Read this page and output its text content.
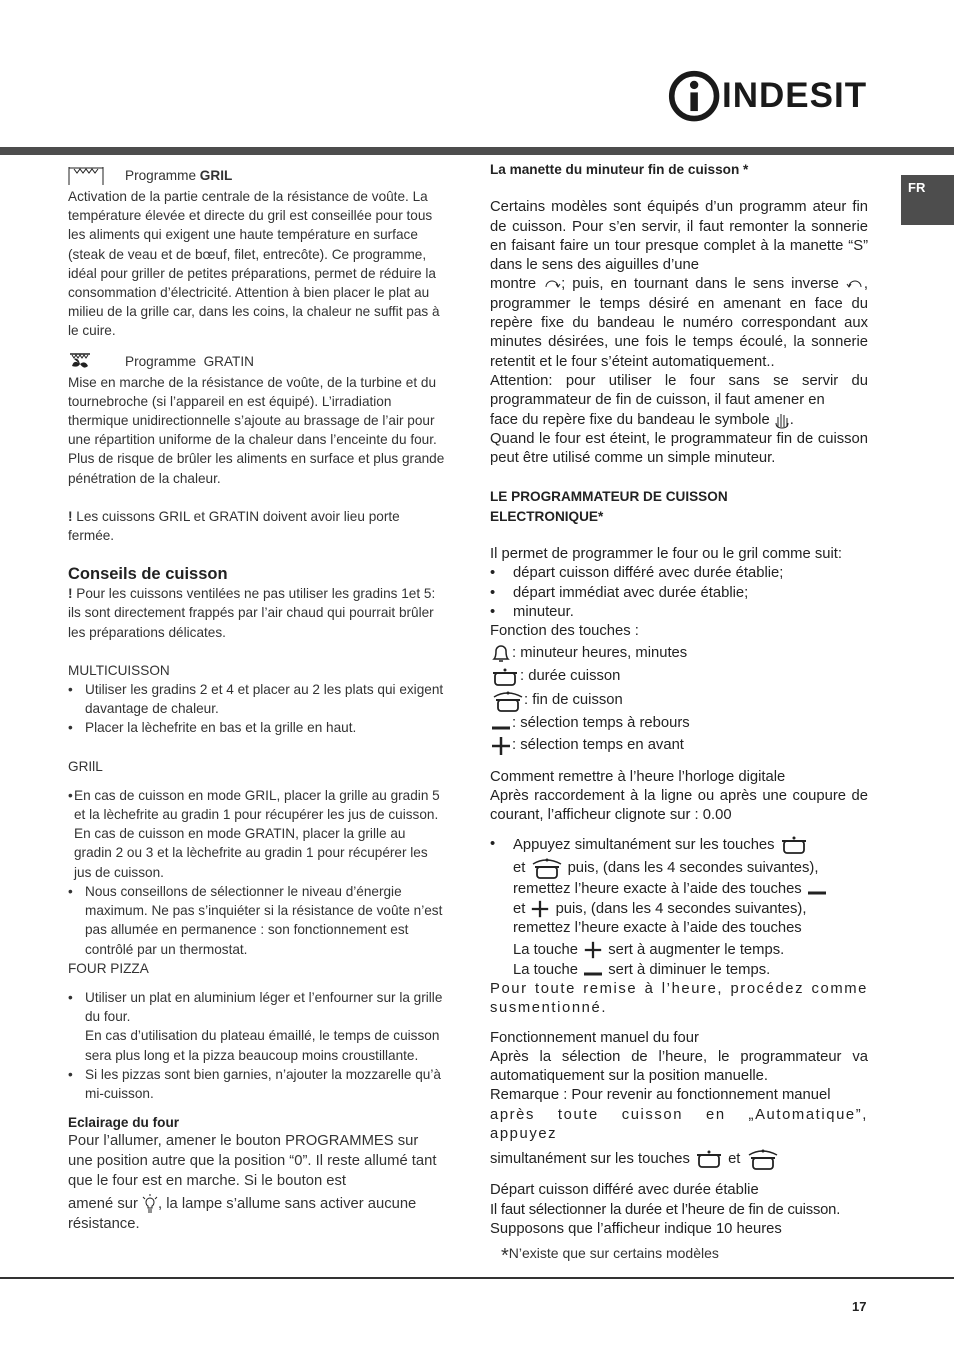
INDESIT
FR
Programme
GRIL

Activation de la partie centrale de la résistance de voûte. La température élevée et directe du gril est conseillée pour tous les aliments qui exigent une haute température en surface (steak de veau et de bœuf, filet, entrecôte). Ce programme, idéal pour griller de petites préparations, permet de réduire la consommation d’électricité. Attention à bien placer le plat au milieu de la grille car, dans les coins, la chaleur ne suffit pas à le cuire.

Programme
GRATIN

Mise en marche de la résistance de voûte, de la turbine et du tournebroche (si l’appareil en est équipé). L’irradiation thermique unidirectionnelle s’ajoute au brassage de l’air pour une répartition uniforme de la chaleur dans l’enceinte du four. Plus de risque de brûler les aliments en surface et plus grande pénétration de la chaleur.

! Les cuissons GRIL et GRATIN doivent avoir lieu porte fermée.

Conseils de cuisson

! Pour les cuissons ventilées ne pas utiliser les gradins 1et 5: ils sont directement frappés par l’air chaud qui pourrait brûler les préparations délicates.

MULTICUISSON

• Utiliser les gradins 2 et 4 et placer au 2 les plats qui exigent davantage de chaleur.
• Placer la lèchefrite en bas et la grille en haut.

GRIlL

• En cas de cuisson en mode GRIL, placer la grille au gradin 5 et la lèchefrite au gradin 1 pour récupérer les jus de cuisson. En cas de cuisson en mode GRATIN, placer la grille au gradin 2 ou 3 et la lèchefrite au gradin 1 pour récupérer les jus de cuisson.
• Nous conseillons de sélectionner le niveau d’énergie maximum. Ne pas s’inquiéter si la résistance de voûte n’est pas allumée en permanence : son fonctionnement est contrôlé par un thermostat.

FOUR PIZZA

• Utiliser un plat en aluminium léger et l’enfourner sur la grille du four.
En cas d’utilisation du plateau émaillé, le temps de cuisson sera plus long et la pizza beaucoup moins croustillante.
• Si les pizzas sont bien garnies, n’ajouter la mozzarelle qu’à mi-cuisson.
Eclairage du four

Pour l’allumer, amener le bouton PROGRAMMES sur une position autre que la position “0”. Il reste allumé tant que le four est en marche. Si le bouton est

amené sur , la lampe s’allume sans activer aucune résistance.

La manette du minuteur fin de cuisson *

Certains modèles sont équipés d’un programm ateur fin de cuisson. Pour s’en servir, il faut remonter la sonnerie en faisant faire un tour presque complet à la manette “S” dans le sens des aiguilles d’une

montre ; puis, en tournant dans le sens inverse , programmer le temps désiré en amenant en face du repère fixe du bandeau le numéro correspondant aux minutes désirées, une fois le temps écoulé, la sonnerie retentit et le four s’éteint automatiquement..

Attention: pour utiliser le four sans se servir du programmateur de fin de cuisson, il faut amener en

face du repère fixe du bandeau le symbole .

Quand le four est éteint, le programmateur fin de cuisson peut être utilisé comme un simple minuteur.

LE PROGRAMMATEUR DE CUISSON
ELECTRONIQUE*

Il permet de programmer le four ou le gril comme suit:

•	départ cuisson différé avec durée établie;
•	départ immédiat avec durée établie;
•	minuteur.

Fonction des touches :

: minuteur heures, minutes
: durée cuisson
: fin de cuisson
: sélection temps à rebours
: sélection temps en avant

Comment remettre à l’heure l’horloge digitale

Après raccordement à la ligne ou après une coupure de courant, l’afficheur clignote sur : 0.00

•	Appuyez simultanément sur les touches
et  puis, (dans les 4 secondes suivantes),
remettez l’heure exacte à l’aide des touches
et  puis, (dans les 4 secondes suivantes),
remettez l’heure exacte à l’aide des touches
La touche  sert à augmenter le temps.
La touche  sert à diminuer le temps.

Pour toute remise à l’heure, procédez comme susmentionné.

Fonctionnement manuel du four

Après la sélection de l’heure, le programmateur va automatiquement sur la position manuelle.

Remarque : Pour revenir au fonctionnement manuel

après toute cuisson en „Automatique”, appuyez

simultanément sur les touches  et

Départ cuisson différé avec durée établie

Il faut sélectionner la durée et l’heure de fin de cuisson.

Supposons que l’afficheur indique 10 heures

*N’existe que sur certains modèles
17
